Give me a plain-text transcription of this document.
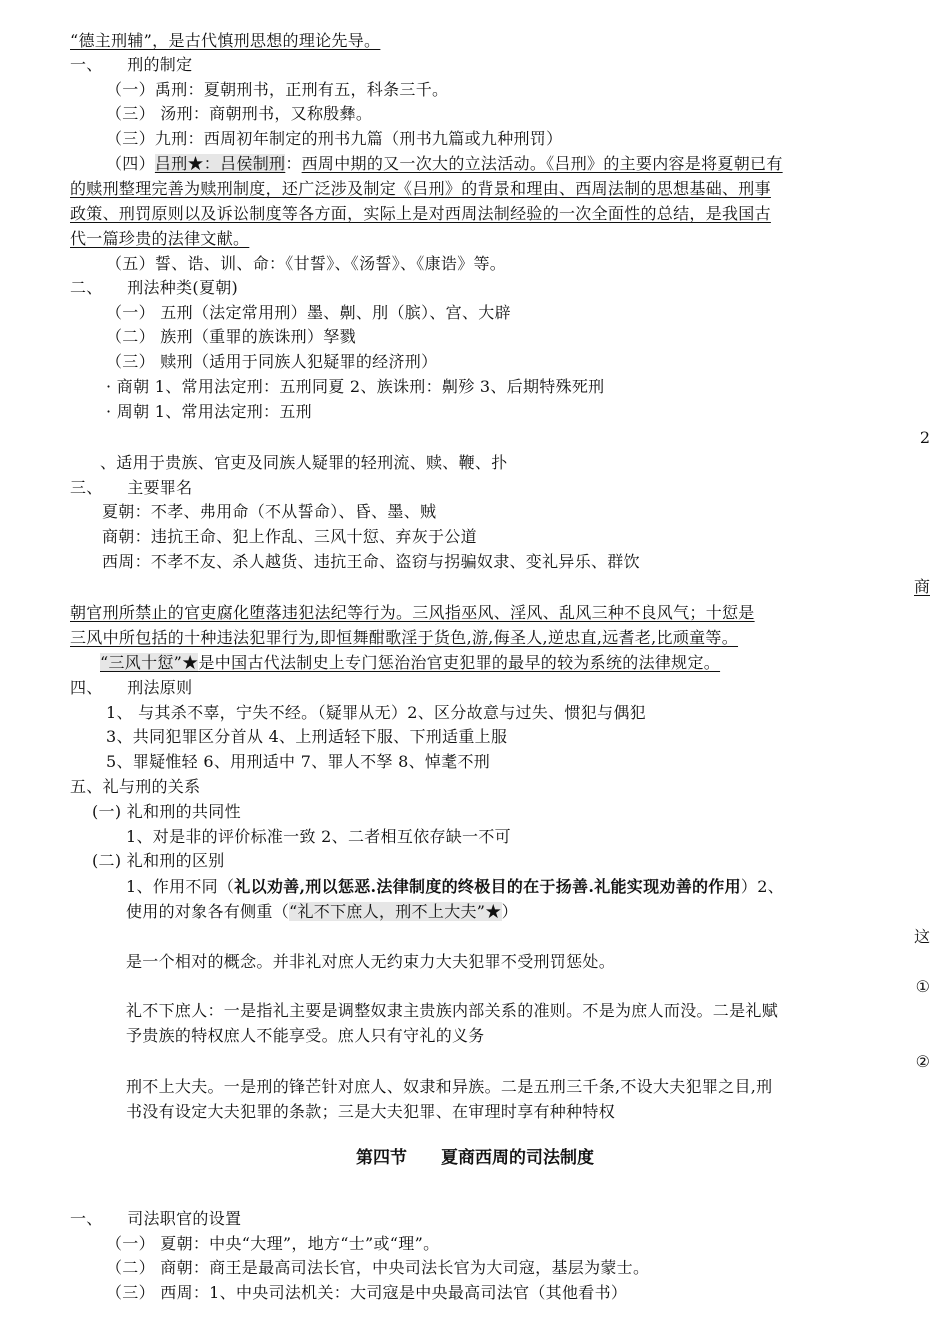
“德主刑辅”，是古代慎刑思想的理论先导。
一、　　刑的制定
（一）禹刑：夏朝刑书，正刑有五，科条三千。
（三） 汤刑：商朝刑书，又称殷彝。
（三）九刑：西周初年制定的刑书九篇（刑书九篇或九种刑罚）
（四）吕刑★：吕侯制刑：西周中期的又一次大的立法活动。《吕刑》的主要内容是将夏朝已有
的赎刑整理完善为赎刑制度，还广泛涉及制定《吕刑》的背景和理由、西周法制的思想基础、刑事
政策、刑罚原则以及诉讼制度等各方面，实际上是对西周法制经验的一次全面性的总结，是我国古
代一篇珍贵的法律文献。
（五）誓、诰、训、命：《甘誓》、《汤誓》、《康诰》等。
二、　　刑法种类(夏朝)
（一） 五刑（法定常用刑）墨、劓、刖（膑）、宫、大辟
（二） 族刑（重罪的族诛刑）孥戮
（三） 赎刑（适用于同族人犯疑罪的经济刑）
· 商朝 1、常用法定刑：五刑同夏 2、族诛刑：劓殄 3、后期特殊死刑
· 周朝 1、常用法定刑：五刑
2
、适用于贵族、官吏及同族人疑罪的轻刑流、赎、鞭、扑
三、　　主要罪名
夏朝：不孝、弗用命（不从誓命）、昏、墨、贼
商朝：违抗王命、犯上作乱、三风十愆、弃灰于公道
西周：不孝不友、杀人越货、违抗王命、盗窃与拐骗奴隶、变礼异乐、群饮
商
朝官刑所禁止的官吏腐化堕落违犯法纪等行为。三风指巫风、淫风、乱风三种不良风气；十愆是
三风中所包括的十种违法犯罪行为,即恒舞酣歌淫于货色,游,侮圣人,逆忠直,远耆老,比顽童等。
“三风十愆”★是中国古代法制史上专门惩治治官吏犯罪的最早的较为系统的法律规定。
四、　　刑法原则
1、 与其杀不辜，宁失不经。（疑罪从无）2、区分故意与过失、惯犯与偶犯
3、共同犯罪区分首从 4、上刑适轻下服、下刑适重上服
5、罪疑惟轻 6、用刑适中 7、罪人不孥 8、悼耄不刑
五、礼与刑的关系
(一) 礼和刑的共同性
1、对是非的评价标准一致 2、二者相互依存缺一不可
(二) 礼和刑的区别
1、作用不同（礼以劝善,刑以惩恶.法律制度的终极目的在于扬善.礼能实现劝善的作用）2、
使用的对象各有侧重（“礼不下庶人，刑不上大夫”★）
这
是一个相对的概念。并非礼对庶人无约束力大夫犯罪不受刑罚惩处。
①
礼不下庶人：一是指礼主要是调整奴隶主贵族内部关系的准则。不是为庶人而没。二是礼赋
予贵族的特权庶人不能享受。庶人只有守礼的义务
②
刑不上大夫。一是刑的锋芒针对庶人、奴隶和异族。二是五刑三千条,不设大夫犯罪之目,刑
书没有设定大夫犯罪的条款；三是大夫犯罪、在审理时享有种种特权
第四节　　夏商西周的司法制度
一、　　司法职官的设置
（一） 夏朝：中央“大理”，地方“士”或“理”。
（二） 商朝：商王是最高司法长官，中央司法长官为大司寇，基层为蒙士。
（三） 西周：1、中央司法机关：大司寇是中央最高司法官（其他看书）
